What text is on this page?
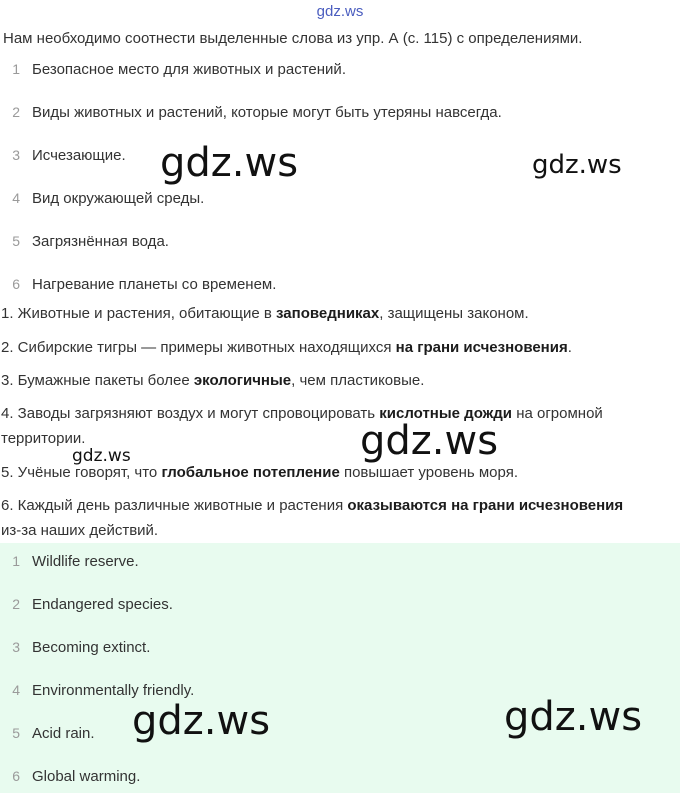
gdz.ws
Нам необходимо соотнести выделенные слова из упр. А (с. 115) с определениями.
1 Безопасное место для животных и растений.
2 Виды животных и растений, которые могут быть утеряны навсегда.
3 Исчезающие.
4 Вид окружающей среды.
5 Загрязнённая вода.
6 Нагревание планеты со временем.
1. Животные и растения, обитающие в заповедниках, защищены законом.
2. Сибирские тигры — примеры животных находящихся на грани исчезновения.
3. Бумажные пакеты более экологичные, чем пластиковые.
4. Заводы загрязняют воздух и могут спровоцировать кислотные дожди на огромной
территории.
5. Учёные говорят, что глобальное потепление повышает уровень моря.
6. Каждый день различные животные и растения оказываются на грани исчезновения
из-за наших действий.
1 Wildlife reserve.
2 Endangered species.
3 Becoming extinct.
4 Environmentally friendly.
5 Acid rain.
6 Global warming.
gdz.ws	gdz.ws
gdz.ws
gdz.ws
gdz.ws	gdz.ws
